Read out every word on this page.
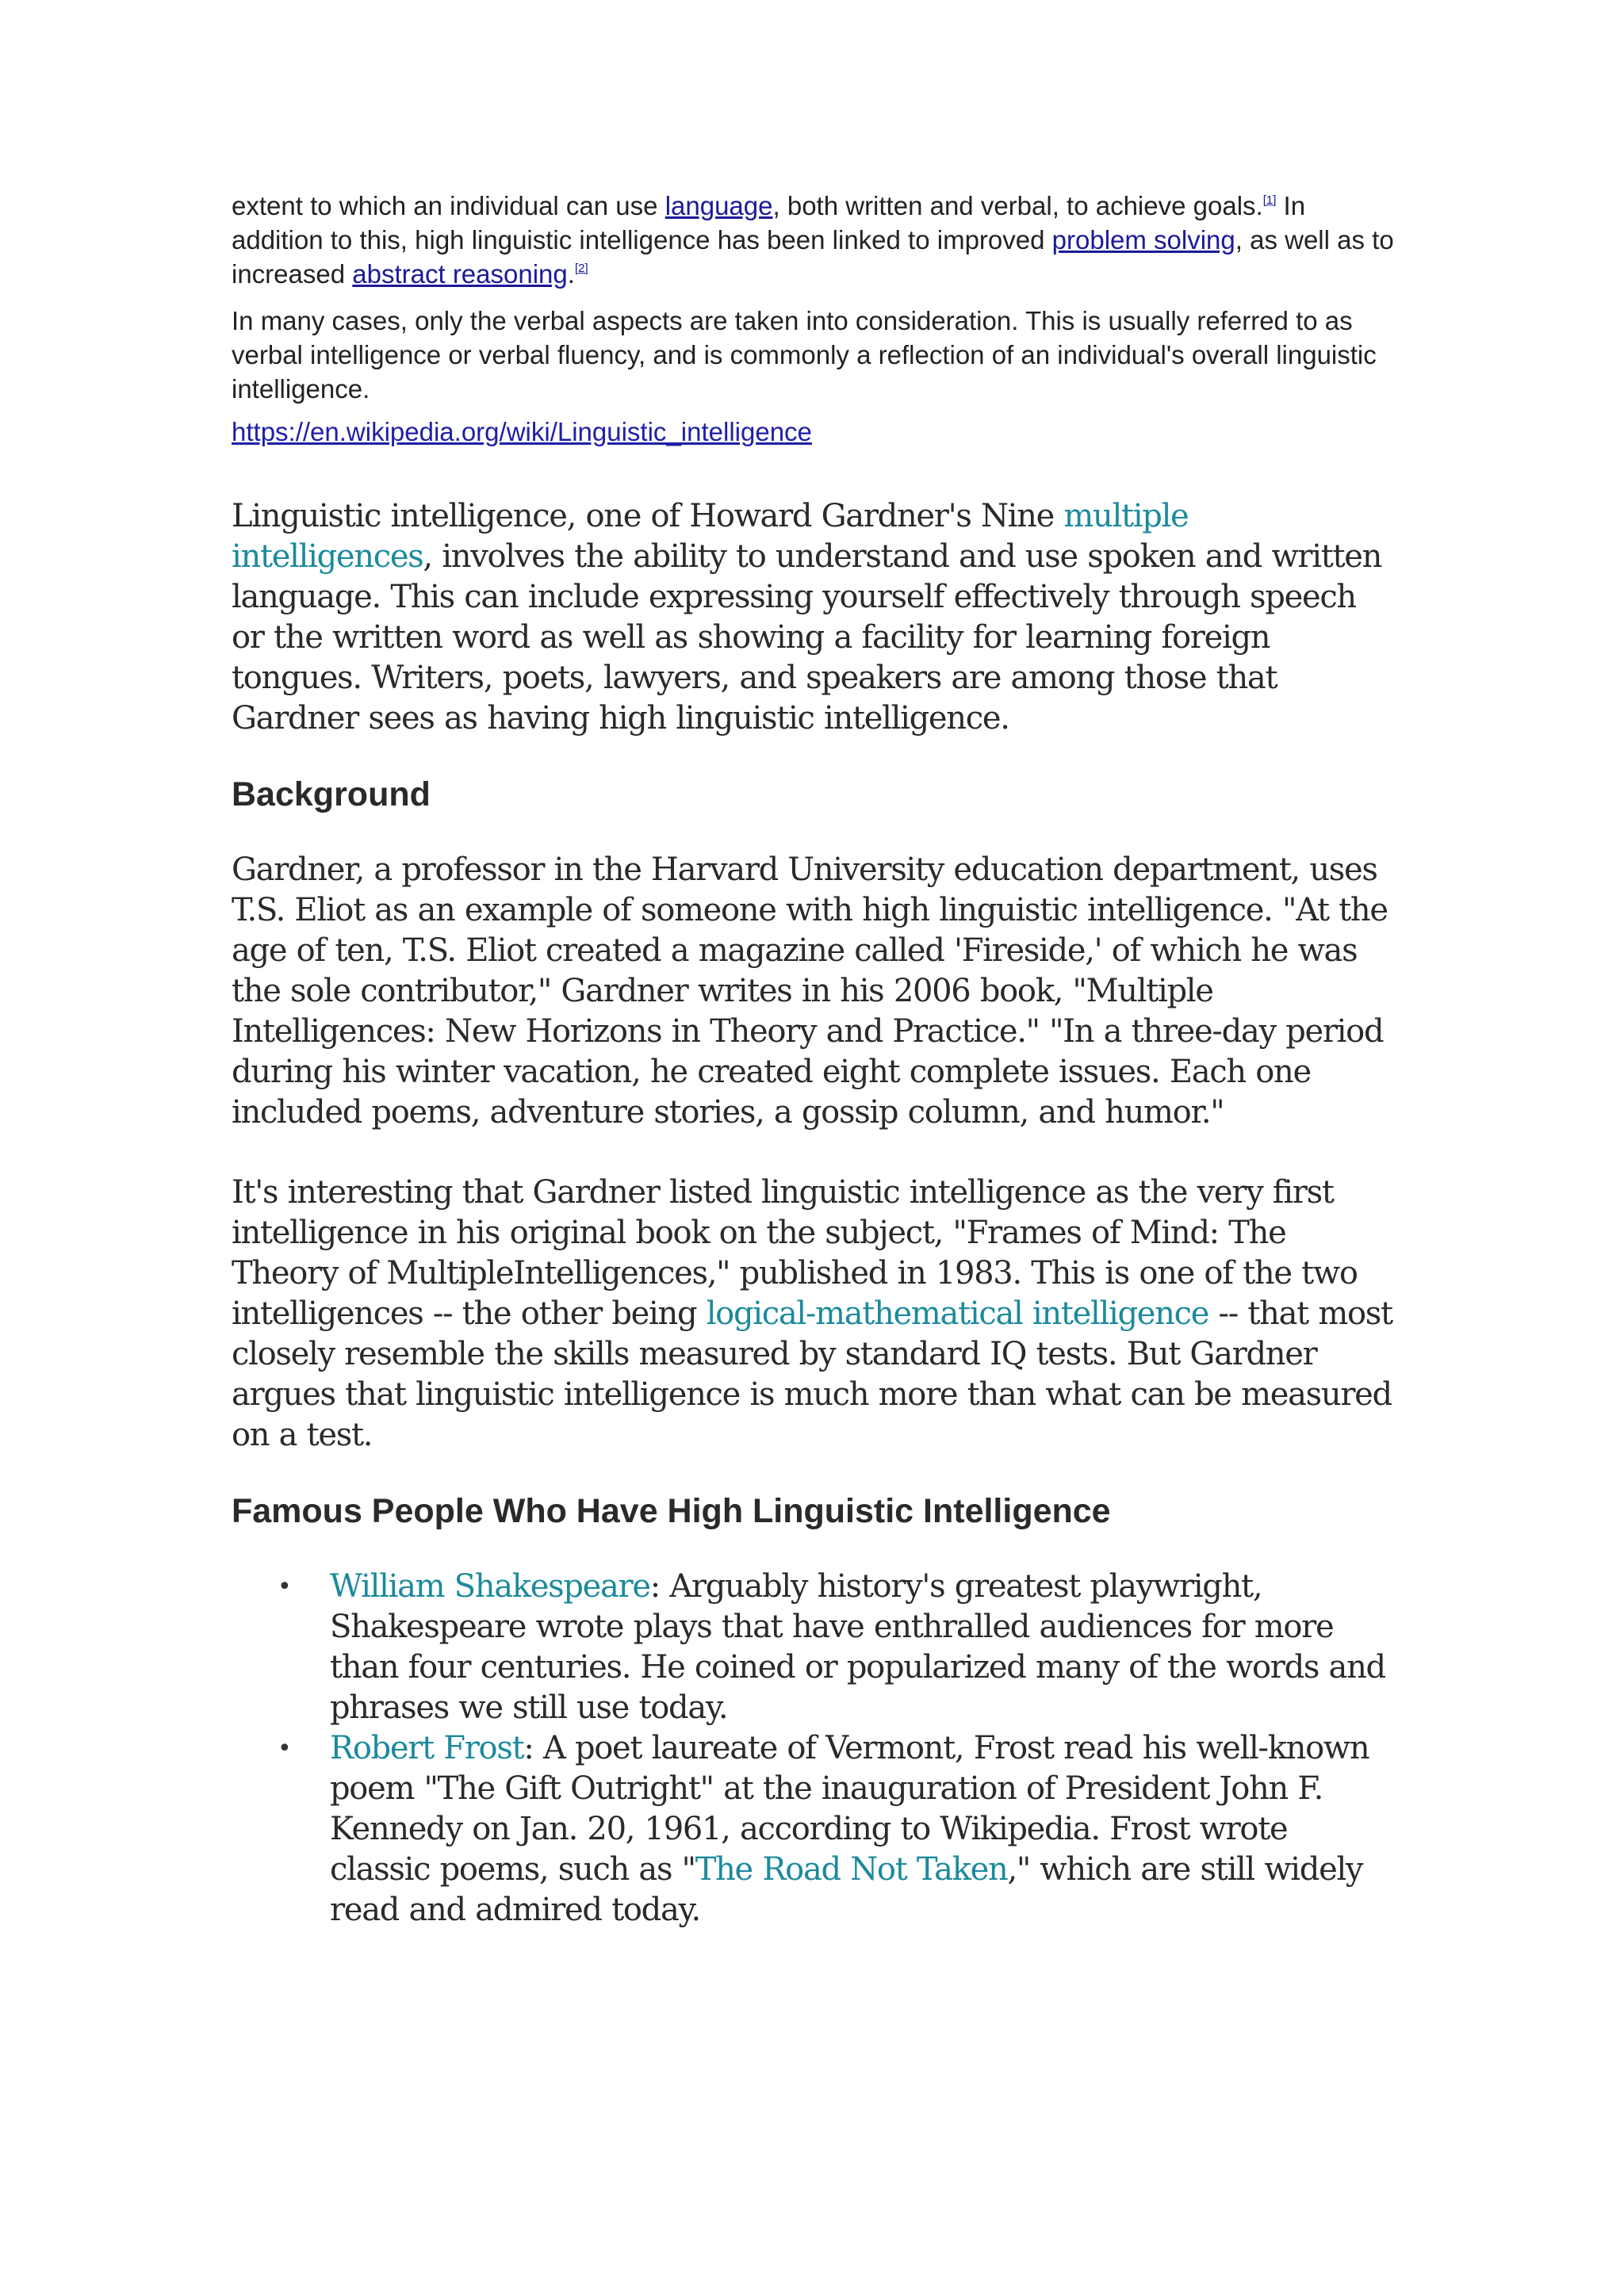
extent to which an individual can use language, both written and verbal, to achieve goals.[1] In addition to this, high linguistic intelligence has been linked to improved problem solving, as well as to increased abstract reasoning.[2]

In many cases, only the verbal aspects are taken into consideration. This is usually referred to as verbal intelligence or verbal fluency, and is commonly a reflection of an individual's overall linguistic intelligence.

https://en.wikipedia.org/wiki/Linguistic_intelligence

Linguistic intelligence, one of Howard Gardner's Nine multiple intelligences, involves the ability to understand and use spoken and written language. This can include expressing yourself effectively through speech or the written word as well as showing a facility for learning foreign tongues. Writers, poets, lawyers, and speakers are among those that Gardner sees as having high linguistic intelligence.

Background

Gardner, a professor in the Harvard University education department, uses T.S. Eliot as an example of someone with high linguistic intelligence. "At the age of ten, T.S. Eliot created a magazine called 'Fireside,' of which he was the sole contributor," Gardner writes in his 2006 book, "Multiple Intelligences: New Horizons in Theory and Practice." "In a three-day period during his winter vacation, he created eight complete issues. Each one included poems, adventure stories, a gossip column, and humor."

It's interesting that Gardner listed linguistic intelligence as the very first intelligence in his original book on the subject, "Frames of Mind: The Theory of MultipleIntelligences," published in 1983. This is one of the two intelligences -- the other being logical-mathematical intelligence -- that most closely resemble the skills measured by standard IQ tests. But Gardner argues that linguistic intelligence is much more than what can be measured on a test.

Famous People Who Have High Linguistic Intelligence
• William Shakespeare: Arguably history's greatest playwright, Shakespeare wrote plays that have enthralled audiences for more than four centuries. He coined or popularized many of the words and phrases we still use today.
• Robert Frost: A poet laureate of Vermont, Frost read his well-known poem "The Gift Outright" at the inauguration of President John F. Kennedy on Jan. 20, 1961, according to Wikipedia. Frost wrote classic poems, such as "The Road Not Taken," which are still widely read and admired today.
